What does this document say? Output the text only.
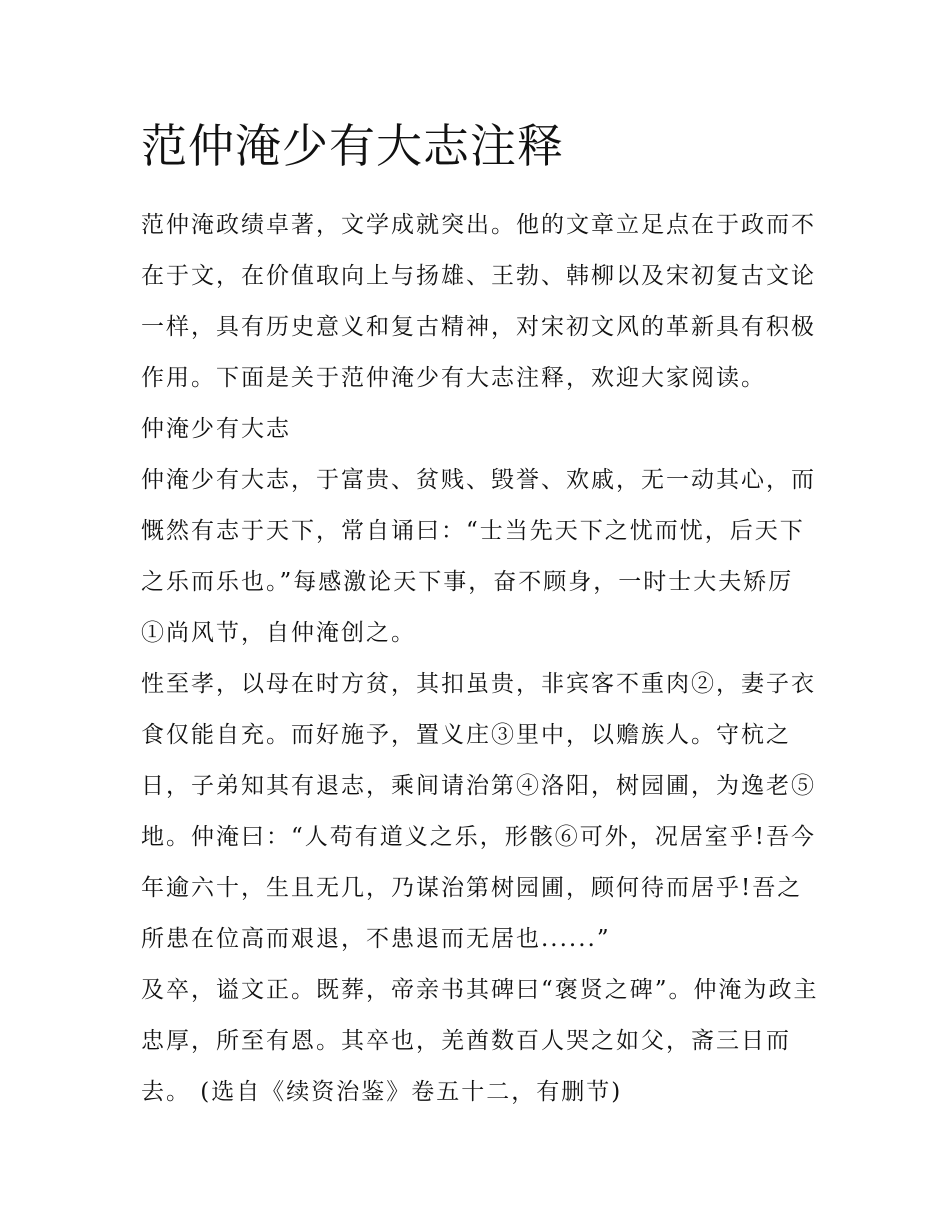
范仲淹少有大志注释

范仲淹政绩卓著，文学成就突出。他的文章立足点在于政而不
在于文，在价值取向上与扬雄、王勃、韩柳以及宋初复古文论
一样，具有历史意义和复古精神，对宋初文风的革新具有积极
作用。下面是关于范仲淹少有大志注释，欢迎大家阅读。

仲淹少有大志

仲淹少有大志，于富贵、贫贱、毁誉、欢戚，无一动其心，而
慨然有志于天下，常自诵曰：“士当先天下之忧而忧，后天下
之乐而乐也。”每感激论天下事，奋不顾身，一时士大夫矫厉
①尚风节，自仲淹创之。

性至孝，以母在时方贫，其扣虽贵，非宾客不重肉②，妻子衣
食仅能自充。而好施予，置义庄③里中，以赡族人。守杭之
日，子弟知其有退志，乘间请治第④洛阳，树园圃，为逸老⑤
地。仲淹曰：“人苟有道义之乐，形骸⑥可外，况居室乎!吾今
年逾六十，生且无几，乃谋治第树园圃，顾何待而居乎!吾之
所患在位高而艰退，不患退而无居也......”

及卒，谥文正。既葬，帝亲书其碑曰“褒贤之碑”。仲淹为政主
忠厚，所至有恩。其卒也，羌酋数百人哭之如父，斋三日而
去。 (选自《续资治鉴》卷五十二，有删节)
